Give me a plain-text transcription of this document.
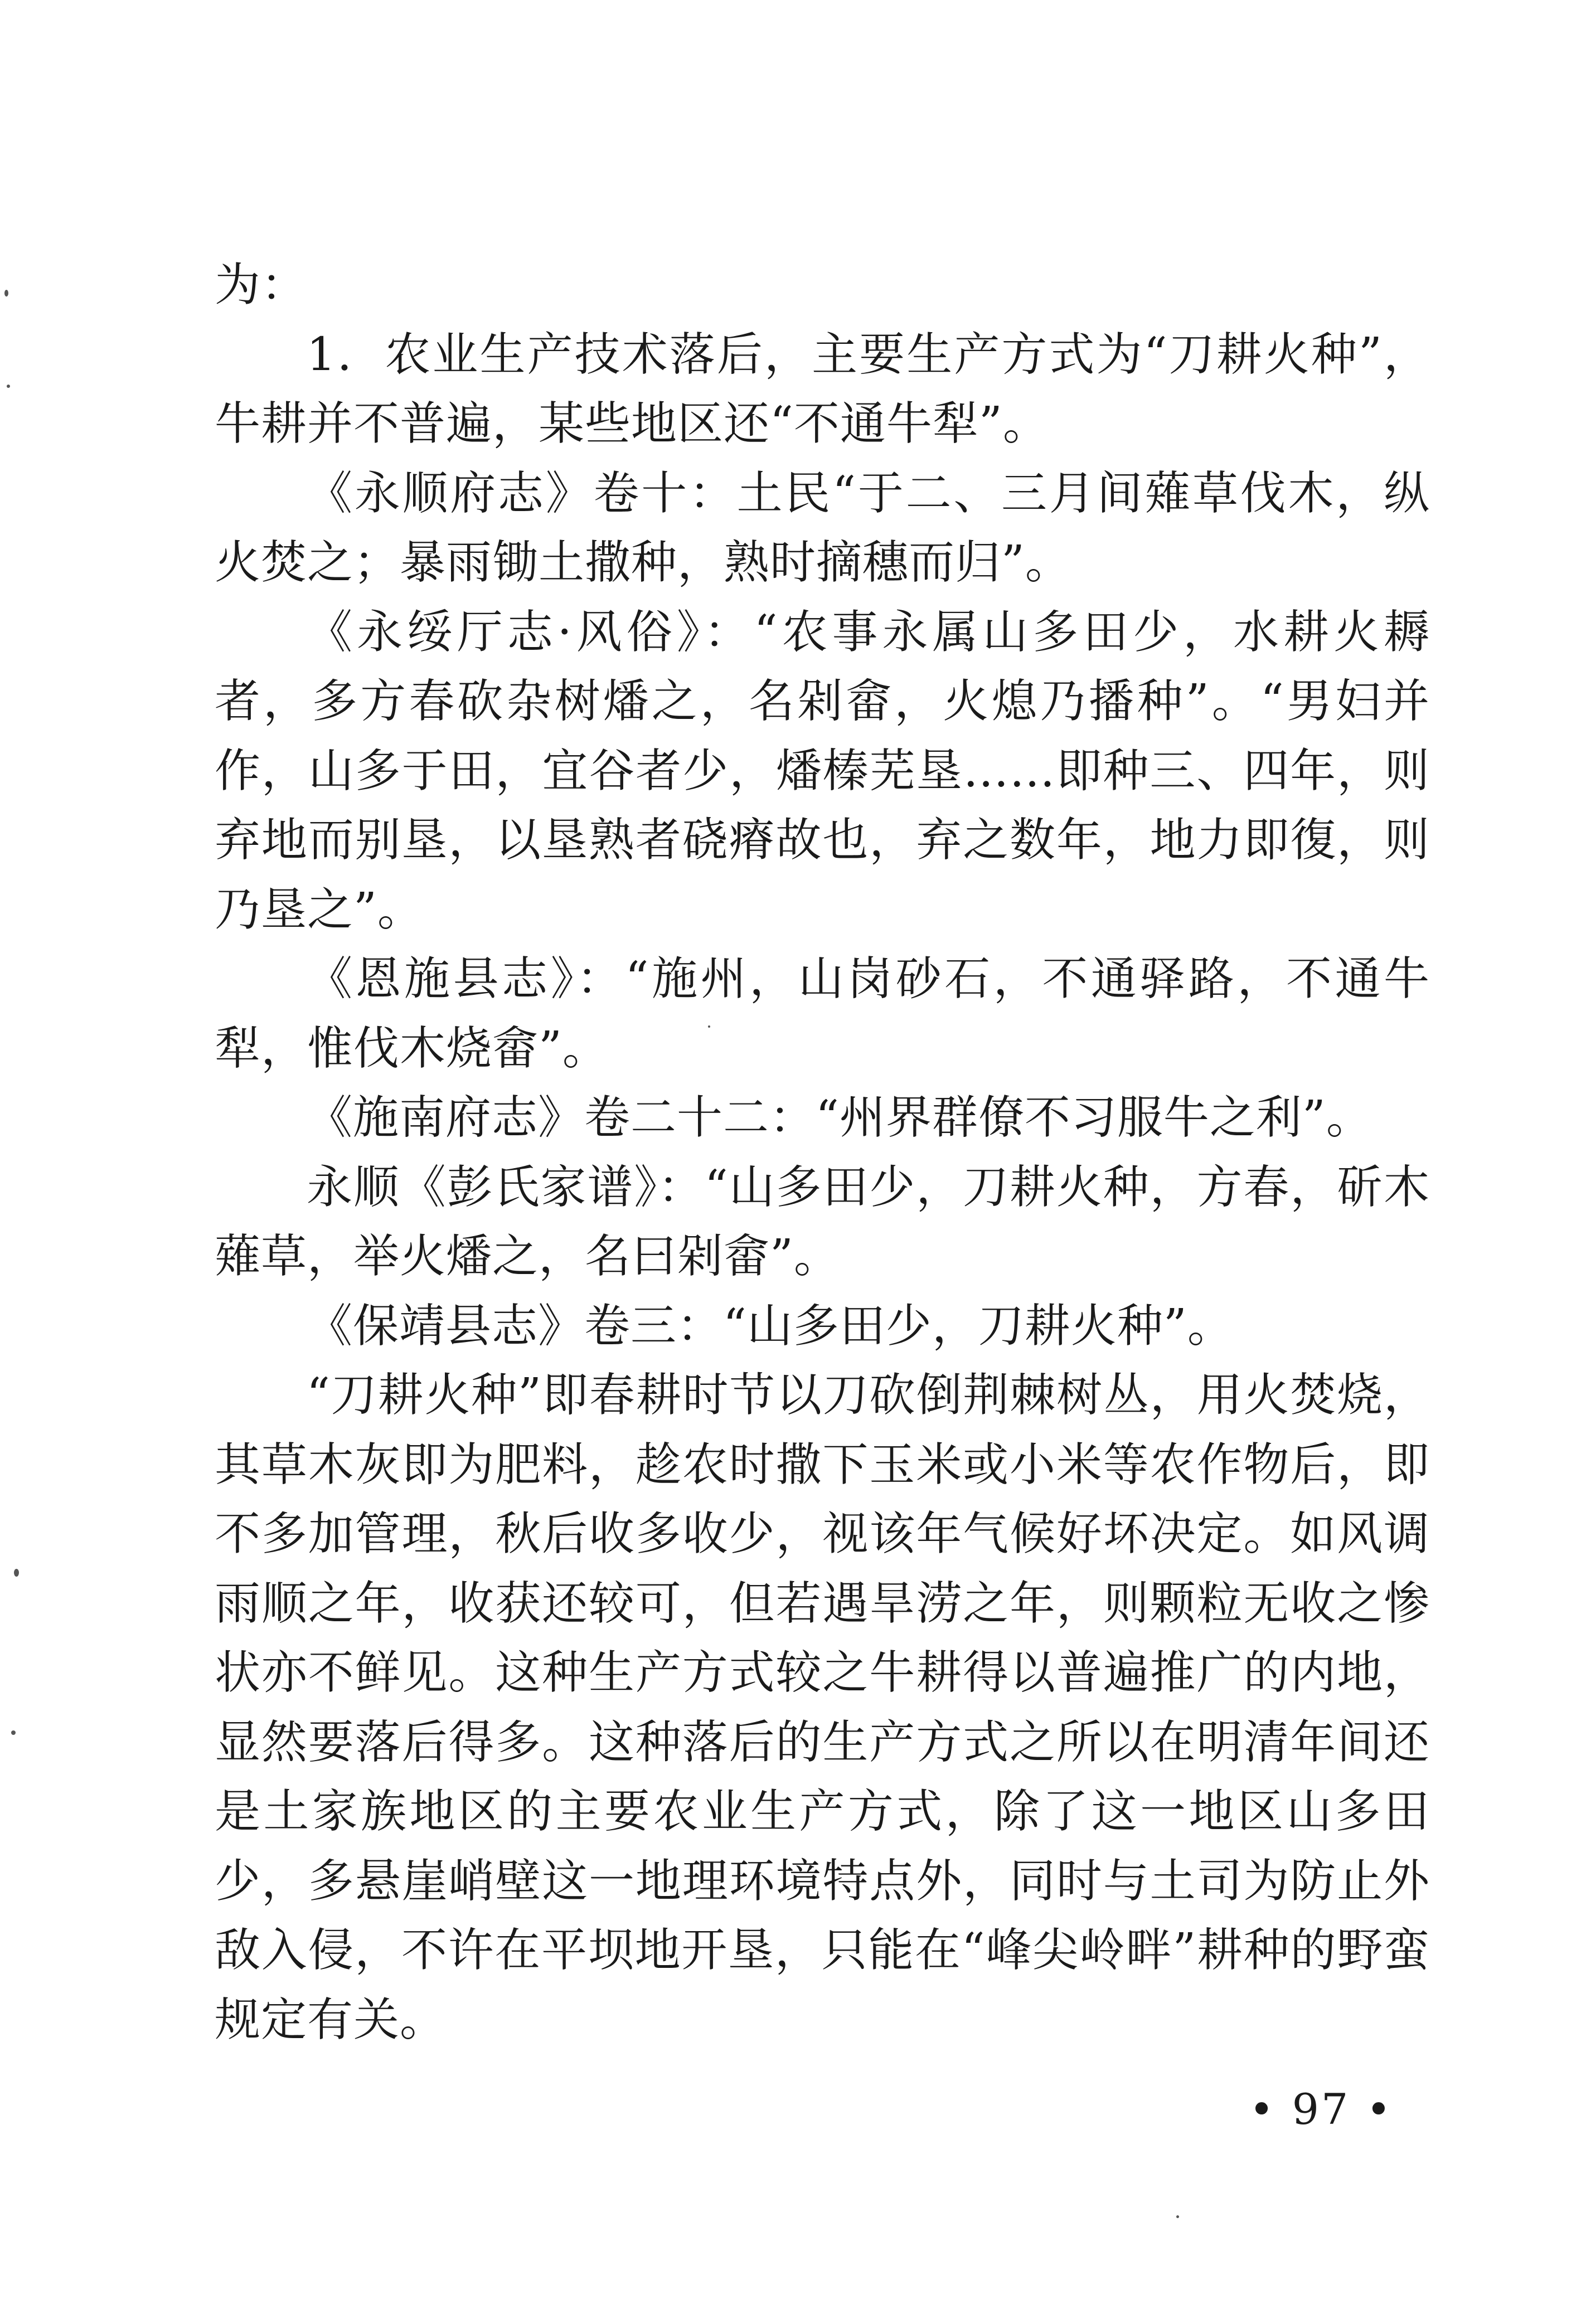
为：

1．农业生产技术落后，主要生产方式为“刀耕火种”，牛耕并不普遍，某些地区还“不通牛犁”。

《永顺府志》卷十：土民“于二、三月间薙草伐木，纵火焚之；暴雨锄土撒种，熟时摘穗而归”。

《永绥厅志·风俗》：“农事永属山多田少，水耕火耨者，多方春砍杂树燔之，名剁畲，火熄乃播种”。“男妇并作，山多于田，宜谷者少，燔榛芜垦……即种三、四年，则弃地而别垦，以垦熟者硗瘠故也，弃之数年，地力即復，则乃垦之”。

《恩施县志》：“施州，山岗砂石，不通驿路，不通牛犁，惟伐木烧畲”。

《施南府志》卷二十二：“州界群僚不习服牛之利”。

永顺《彭氏家谱》：“山多田少，刀耕火种，方春，斫木薙草，举火燔之，名曰剁畲”。

《保靖县志》卷三：“山多田少，刀耕火种”。

“刀耕火种”即春耕时节以刀砍倒荆棘树丛，用火焚烧，其草木灰即为肥料，趁农时撒下玉米或小米等农作物后，即不多加管理，秋后收多收少，视该年气候好坏决定。如风调雨顺之年，收获还较可，但若遇旱涝之年，则颗粒无收之惨状亦不鲜见。这种生产方式较之牛耕得以普遍推广的内地，显然要落后得多。这种落后的生产方式之所以在明清年间还是土家族地区的主要农业生产方式，除了这一地区山多田少，多悬崖峭壁这一地理环境特点外，同时与土司为防止外敌入侵，不许在平坝地开垦，只能在“峰尖岭畔”耕种的野蛮规定有关。

• 97 •
